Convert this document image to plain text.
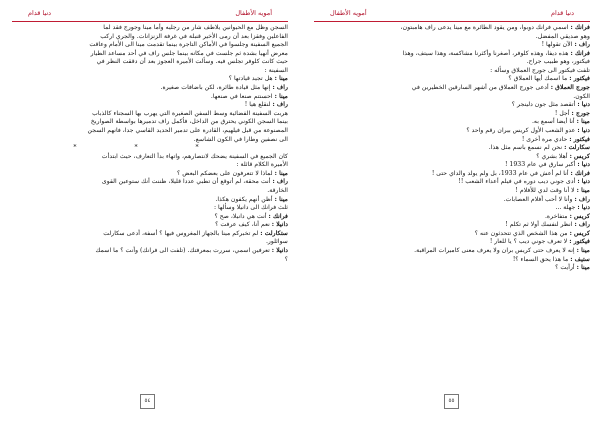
دنيا قدام	أمويه الأطفال

السجن وظل مع الحيوانين يلاطف شار من رجليه وأما مينا وجورج فقد لما

الفاعلين وفقزا بعد أن رمى الأخير قنبلة في غرفة الزنزانات. والجري اركب

الجميع السفينة وجلسوا في الأماكن التاجرة بينما تقدمت مينا الى الأمام وعاقت

معرض أنهيا بشدة ثم جلست في مكانه بينما جلس راف في أحد مساعد الطيار

حيث كانت كلوفر تجلس فيه. وسألت الأميرة العجوز بعد أن دققت النظر في

السفينة :

مينا : هل تجيد قيادتها ؟

راف : إنها مثل قيادة طائرة، لكن باضافات صغيرة.

مينا : احسنتم صنعا في صنعها.

راف : لنقلع هيا !

هربت السفينة الفضائية وسط السفن الصغيرة التي يهرب بها السجناء كالذباب

بينما السجن الكوني يحترق من الداخل، فأكمل راف تدميرها بواسطة الصواريخ

المصنوعة من قبل فيلهيم، القادرة على تدمير الحديد القاسي جدا، فانهم السجن

الى نصفين وطارا في الكون الشاسع.

* * *

كان الجميع في السفينة يضحك لانتصارهم، واتهاء بدأ التعارف، حيث ابتدأت

الأميرة الكلام قائلة :

مينا : لماذا لا تتعرفون على بعضكم البعض ؟

راف : أنت محقة، لم أتوقع أن تطبي عددا قليلا، ظننت أنك ستوعين القوى

الخارقة.

مينا : أظن أنهم يكفون هكذا.

ثلث فرانك الى دانيلا وسألها :

فرانك : أنت هي دانيلا، صح ؟

دانيلا : نعم أنا، كيف عرفت ؟

ستكارلت : لم تخبركم مينا بالجهاز المغروس فيها ؟ أسفة، أدعى سكارلت

سوائلور.

دانيلا : تعرفين اسمي، سررت بمعرفتك. (تلفت الى فرانك) وأنت ؟ ما اسمك

؟

٥٤
أمويه الأطفال	دنيا قدام

فرانك : اسمي فرانك دوبوا، ومن يقود الطائرة مع مينا يدعى راف هامبتون،

وهو صديقي المفضل.

راف : الآن تقولها !

فرانك : هذه ديفا، وهذه كلوفر، أصغرنا وأكثرنا مشاكسة، وهذا سيتف، وهذا

فيكتور، وهو طبيب جراح.

تلفت فيكتور الى جورج العملاق وسأله :

فيكتور : ما اسمك أيها العملاق ؟

جورج العملاق : أدعى جورج العملاق من أشهر السارقين الخطيرين في

الكون.

دنيا : أتقصد مثل جون دلينجر ؟

جورج : أجل !

مينا : أنا أيضا أسمع به.

دنيا : عدو الشعب الأول كريس بيران رقم واحد ؟

فيكتور : حادي مرة أخرى !

سكارلت : نحن لم نسمع باسم مثل هذا.

كريس : أهلا بشري ؟

دنيا : أكبر سارق في عام 1933 !

فرانك : أنا لم أعش في عام 1933، بل ولم يولد والداي حتى !

دنيا : أدى جوني ديب دوره في فيلم أعداء الشعب !!

مينا : لا أنا وقت لدي للأفلام !

راف : وأنا لا أحب أفلام العصابات.

دنيا : جهلة ...

كريس : متفاخرة.

راف : انظر لنفسك أولا ثم تكلم !

كريس : من هذا الشخص الذي تتحدثون عنه ؟

فيكتور : لا تعرف جوني ديب ؟ يا للعار !

مينا : إنه لا يعرف حتى كريس بران ولا يعرف معنى كاميرات المراقبة.

ستيف : ما هذا يحق السماء ؟!

مينا : أرأيت ؟

٥٥
